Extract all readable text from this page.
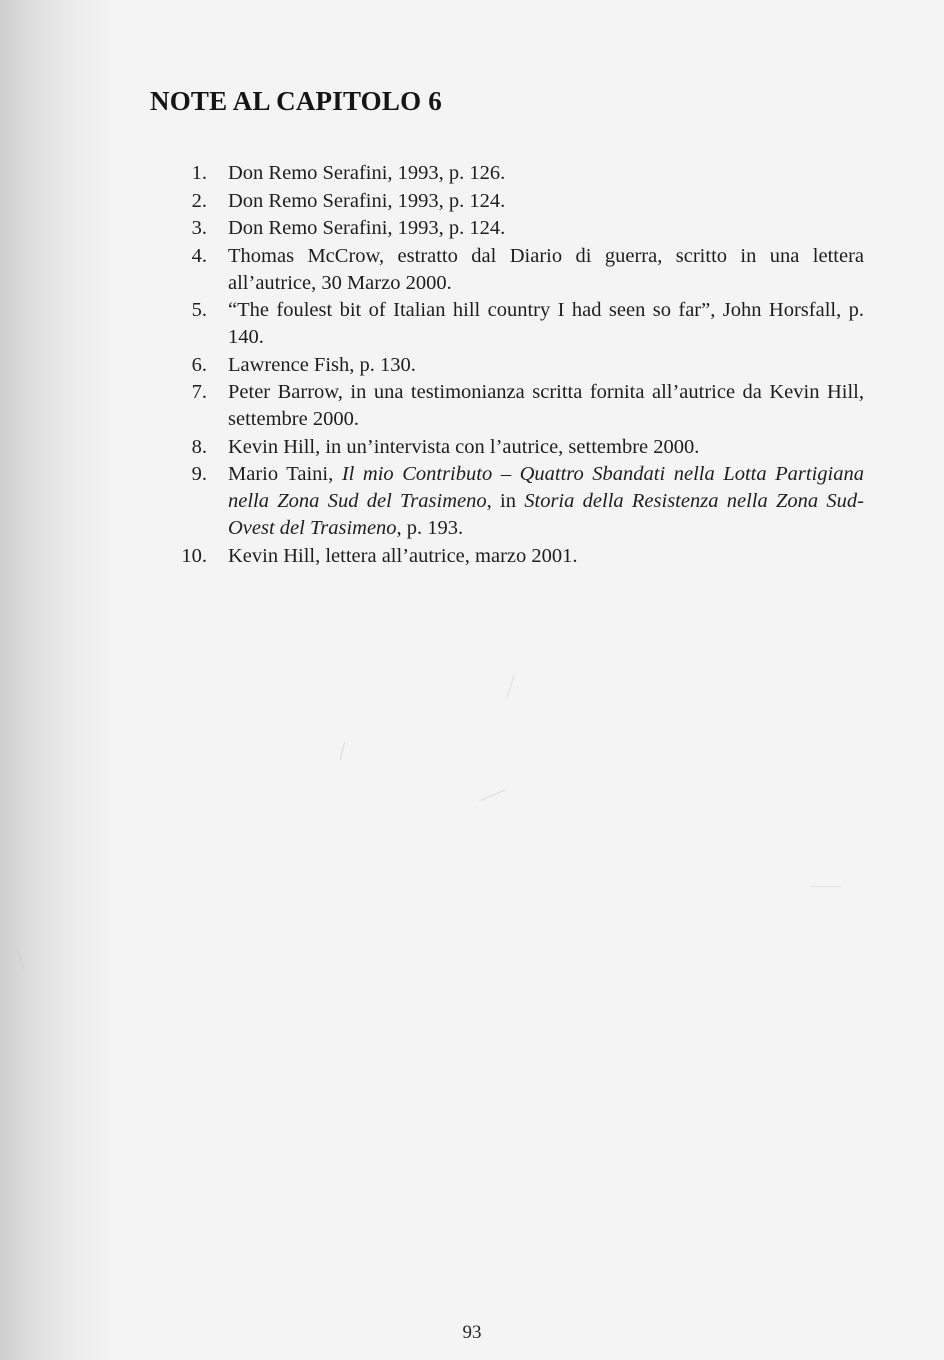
NOTE AL CAPITOLO 6
1. Don Remo Serafini, 1993, p. 126.
2. Don Remo Serafini, 1993, p. 124.
3. Don Remo Serafini, 1993, p. 124.
4. Thomas McCrow, estratto dal Diario di guerra, scritto in una lettera all’autrice, 30 Marzo 2000.
5. “The foulest bit of Italian hill country I had seen so far”, John Horsfall, p. 140.
6. Lawrence Fish, p. 130.
7. Peter Barrow, in una testimonianza scritta fornita all’autrice da Kevin Hill, settembre 2000.
8. Kevin Hill, in un’intervista con l’autrice, settembre 2000.
9. Mario Taini, Il mio Contributo – Quattro Sbandati nella Lotta Partigiana nella Zona Sud del Trasimeno, in Storia della Resistenza nella Zona Sud-Ovest del Trasimeno, p. 193.
10. Kevin Hill, lettera all’autrice, marzo 2001.
93
